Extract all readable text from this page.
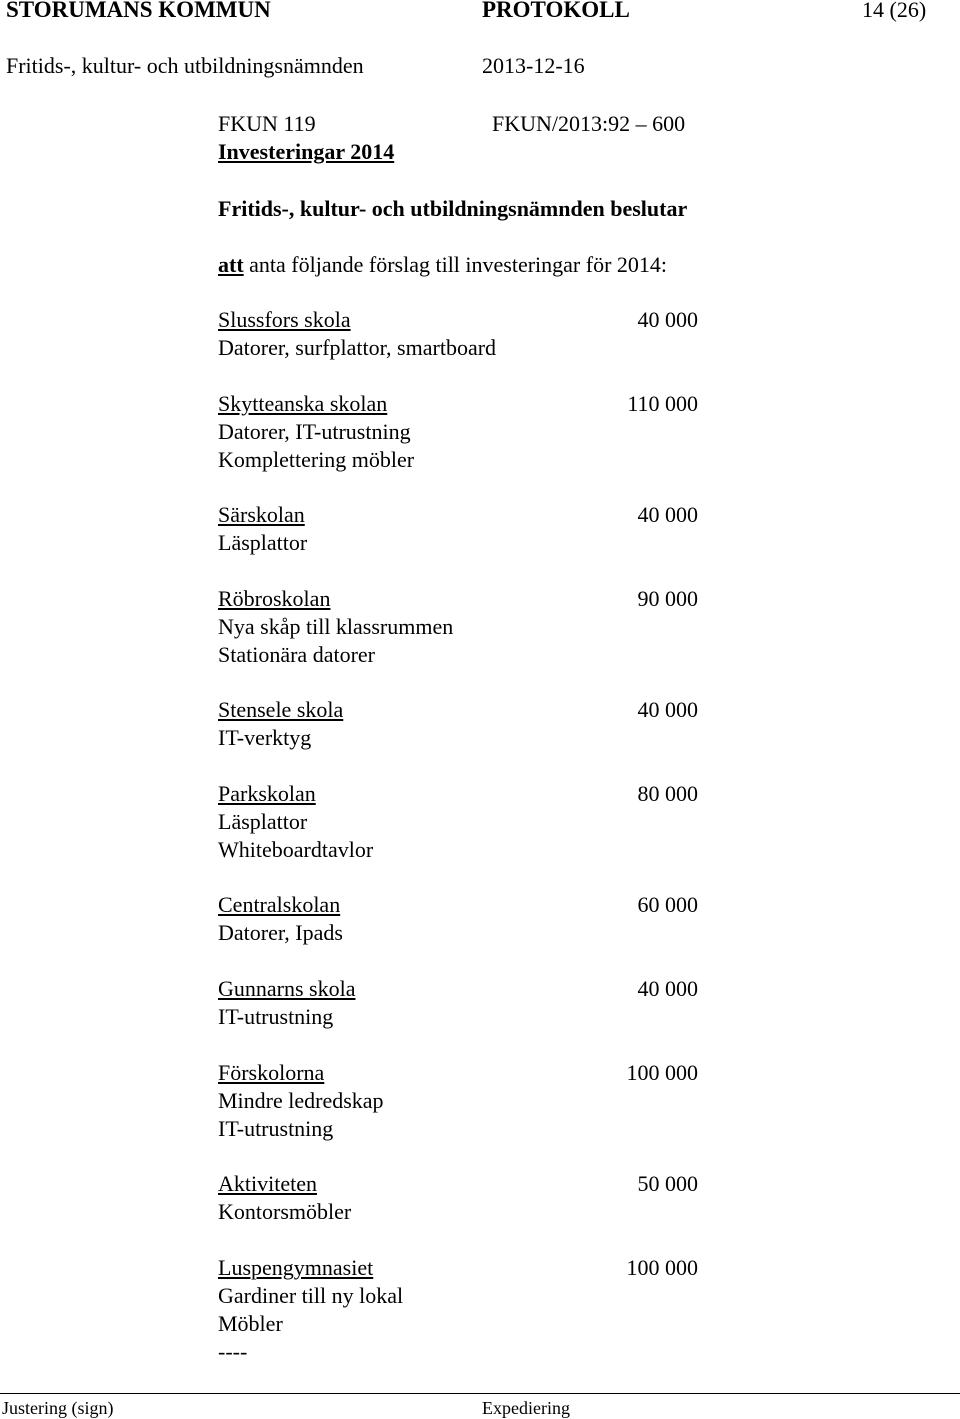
STORUMANS KOMMUN	PROTOKOLL	14 (26)
Fritids-, kultur- och utbildningsnämnden	2013-12-16
FKUN 119	FKUN/2013:92 – 600
Investeringar 2014
Fritids-, kultur- och utbildningsnämnden beslutar
att anta följande förslag till investeringar för 2014:
Slussfors skola	40 000
Datorer, surfplattor, smartboard
Skytteanska skolan	110 000
Datorer, IT-utrustning
Komplettering möbler
Särskolan	40 000
Läsplattor
Röbroskolan	90 000
Nya skåp till klassrummen
Stationära datorer
Stensele skola	40 000
IT-verktyg
Parkskolan	80 000
Läsplattor
Whiteboardtavlor
Centralskolan	60 000
Datorer, Ipads
Gunnarns skola	40 000
IT-utrustning
Förskolorna	100 000
Mindre ledredskap
IT-utrustning
Aktiviteten	50 000
Kontorsmöbler
Luspengymnasiet	100 000
Gardiner till ny lokal
Möbler
----
Justering (sign)	Expediering
